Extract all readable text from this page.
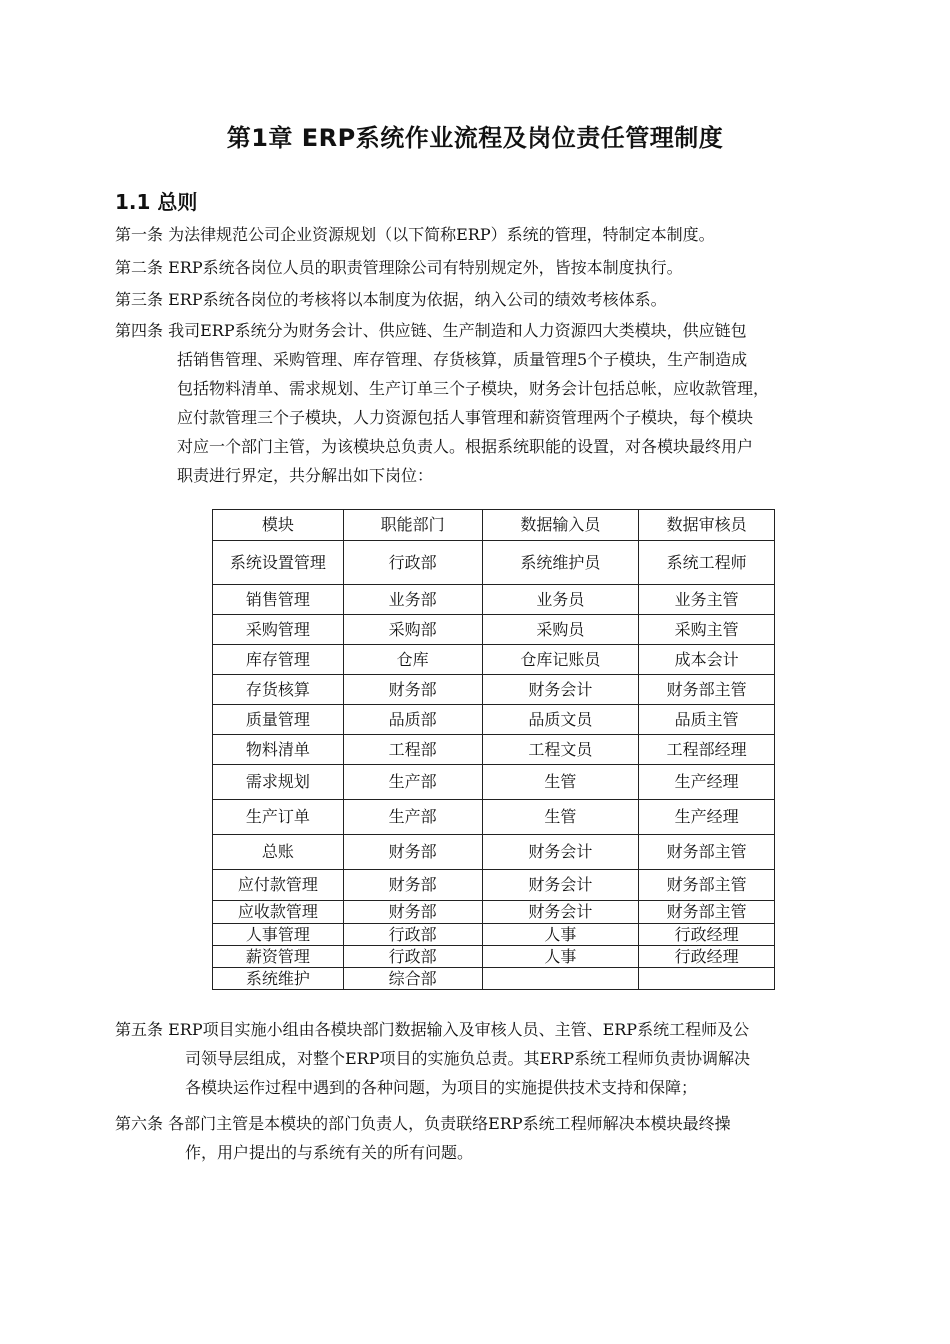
第1章 ERP系统作业流程及岗位责任管理制度
1.1 总则
第一条 为法律规范公司企业资源规划（以下简称ERP）系统的管理，特制定本制度。
第二条 ERP系统各岗位人员的职责管理除公司有特别规定外，皆按本制度执行。
第三条 ERP系统各岗位的考核将以本制度为依据，纳入公司的绩效考核体系。
第四条 我司ERP系统分为财务会计、供应链、生产制造和人力资源四大类模块，供应链包
括销售管理、采购管理、库存管理、存货核算，质量管理5个子模块，生产制造成
包括物料清单、需求规划、生产订单三个子模块，财务会计包括总帐，应收款管理，
应付款管理三个子模块，人力资源包括人事管理和薪资管理两个子模块，每个模块
对应一个部门主管，为该模块总负责人。根据系统职能的设置，对各模块最终用户
职责进行界定，共分解出如下岗位：
模块	职能部门	数据输入员	数据审核员
系统设置管理	行政部	系统维护员	系统工程师
销售管理	业务部	业务员	业务主管
采购管理	采购部	采购员	采购主管
库存管理	仓库	仓库记账员	成本会计
存货核算	财务部	财务会计	财务部主管
质量管理	品质部	品质文员	品质主管
物料清单	工程部	工程文员	工程部经理
需求规划	生产部	生管	生产经理
生产订单	生产部	生管	生产经理
总账	财务部	财务会计	财务部主管
应付款管理	财务部	财务会计	财务部主管
应收款管理	财务部	财务会计	财务部主管
人事管理	行政部	人事	行政经理
薪资管理	行政部	人事	行政经理
系统维护	综合部		
第五条 ERP项目实施小组由各模块部门数据输入及审核人员、主管、ERP系统工程师及公
司领导层组成，对整个ERP项目的实施负总责。其ERP系统工程师负责协调解决
各模块运作过程中遇到的各种问题，为项目的实施提供技术支持和保障；
第六条 各部门主管是本模块的部门负责人，负责联络ERP系统工程师解决本模块最终操
作，用户提出的与系统有关的所有问题。
